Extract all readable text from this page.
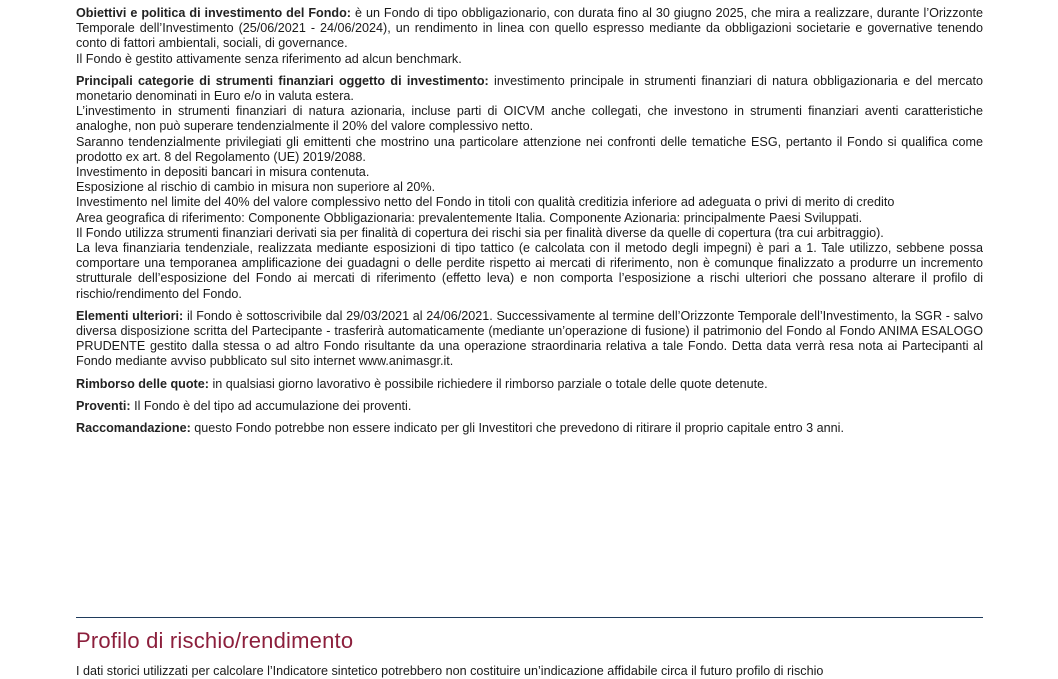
Obiettivi e politica di investimento del Fondo: è un Fondo di tipo obbligazionario, con durata fino al 30 giugno 2025, che mira a realizzare, durante l’Orizzonte Temporale dell’Investimento (25/06/2021 - 24/06/2024), un rendimento in linea con quello espresso mediante da obbligazioni societarie e governative tenendo conto di fattori ambientali, sociali, di governance.
Il Fondo è gestito attivamente senza riferimento ad alcun benchmark.

Principali categorie di strumenti finanziari oggetto di investimento: investimento principale in strumenti finanziari di natura obbligazionaria e del mercato monetario denominati in Euro e/o in valuta estera.
L’investimento in strumenti finanziari di natura azionaria, incluse parti di OICVM anche collegati, che investono in strumenti finanziari aventi caratteristiche analoghe, non può superare tendenzialmente il 20% del valore complessivo netto.
Saranno tendenzialmente privilegiati gli emittenti che mostrino una particolare attenzione nei confronti delle tematiche ESG, pertanto il Fondo si qualifica come prodotto ex art. 8 del Regolamento (UE) 2019/2088.
Investimento in depositi bancari in misura contenuta.
Esposizione al rischio di cambio in misura non superiore al 20%.
Investimento nel limite del 40% del valore complessivo netto del Fondo in titoli con qualità creditizia inferiore ad adeguata o privi di merito di credito
Area geografica di riferimento: Componente Obbligazionaria: prevalentemente Italia. Componente Azionaria: principalmente Paesi Sviluppati.
Il Fondo utilizza strumenti finanziari derivati sia per finalità di copertura dei rischi sia per finalità diverse da quelle di copertura (tra cui arbitraggio).
La leva finanziaria tendenziale, realizzata mediante esposizioni di tipo tattico (e calcolata con il metodo degli impegni) è pari a 1. Tale utilizzo, sebbene possa comportare una temporanea amplificazione dei guadagni o delle perdite rispetto ai mercati di riferimento, non è comunque finalizzato a produrre un incremento strutturale dell’esposizione del Fondo ai mercati di riferimento (effetto leva) e non comporta l’esposizione a rischi ulteriori che possano alterare il profilo di rischio/rendimento del Fondo.

Elementi ulteriori: il Fondo è sottoscrivibile dal 29/03/2021 al 24/06/2021. Successivamente al termine dell’Orizzonte Temporale dell’Investimento, la SGR - salvo diversa disposizione scritta del Partecipante - trasferirà automaticamente (mediante un’operazione di fusione) il patrimonio del Fondo al Fondo ANIMA ESALOGO PRUDENTE gestito dalla stessa o ad altro Fondo risultante da una operazione straordinaria relativa a tale Fondo. Detta data verrà resa nota ai Partecipanti al Fondo mediante avviso pubblicato sul sito internet www.animasgr.it.

Rimborso delle quote: in qualsiasi giorno lavorativo è possibile richiedere il rimborso parziale o totale delle quote detenute.

Proventi: Il Fondo è del tipo ad accumulazione dei proventi.

Raccomandazione: questo Fondo potrebbe non essere indicato per gli Investitori che prevedono di ritirare il proprio capitale entro 3 anni.

Profilo di rischio/rendimento
I dati storici utilizzati per calcolare l’Indicatore sintetico potrebbero non costituire un’indicazione affidabile circa il futuro profilo di rischio
